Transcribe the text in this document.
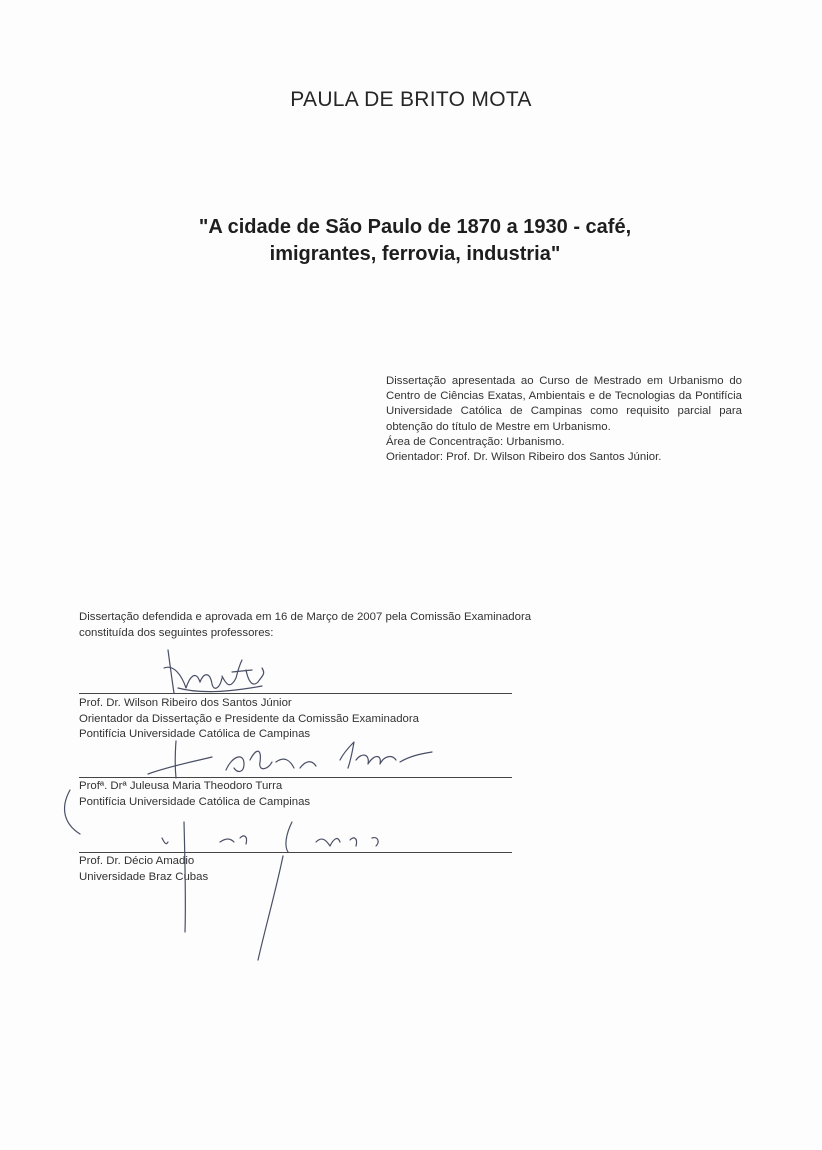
PAULA DE BRITO MOTA
"A cidade de São Paulo de 1870 a 1930 - café,
imigrantes, ferrovia, industria"

Dissertação apresentada ao Curso de Mestrado em Urbanismo do Centro de Ciências Exatas, Ambientais e de Tecnologias da Pontifícia Universidade Católica de Campinas como requisito parcial para obtenção do título de Mestre em Urbanismo.

Área de Concentração: Urbanismo.

Orientador: Prof. Dr. Wilson Ribeiro dos Santos Júnior.

Dissertação defendida e aprovada em 16 de Março de 2007 pela Comissão Examinadora
constituída dos seguintes professores:
Prof. Dr. Wilson Ribeiro dos Santos Júnior
Orientador da Dissertação e Presidente da Comissão Examinadora
Pontifícia Universidade Católica de Campinas
Profª. Drª Juleusa Maria Theodoro Turra
Pontifícia Universidade Católica de Campinas
Prof. Dr. Décio Amadio
Universidade Braz Cubas
